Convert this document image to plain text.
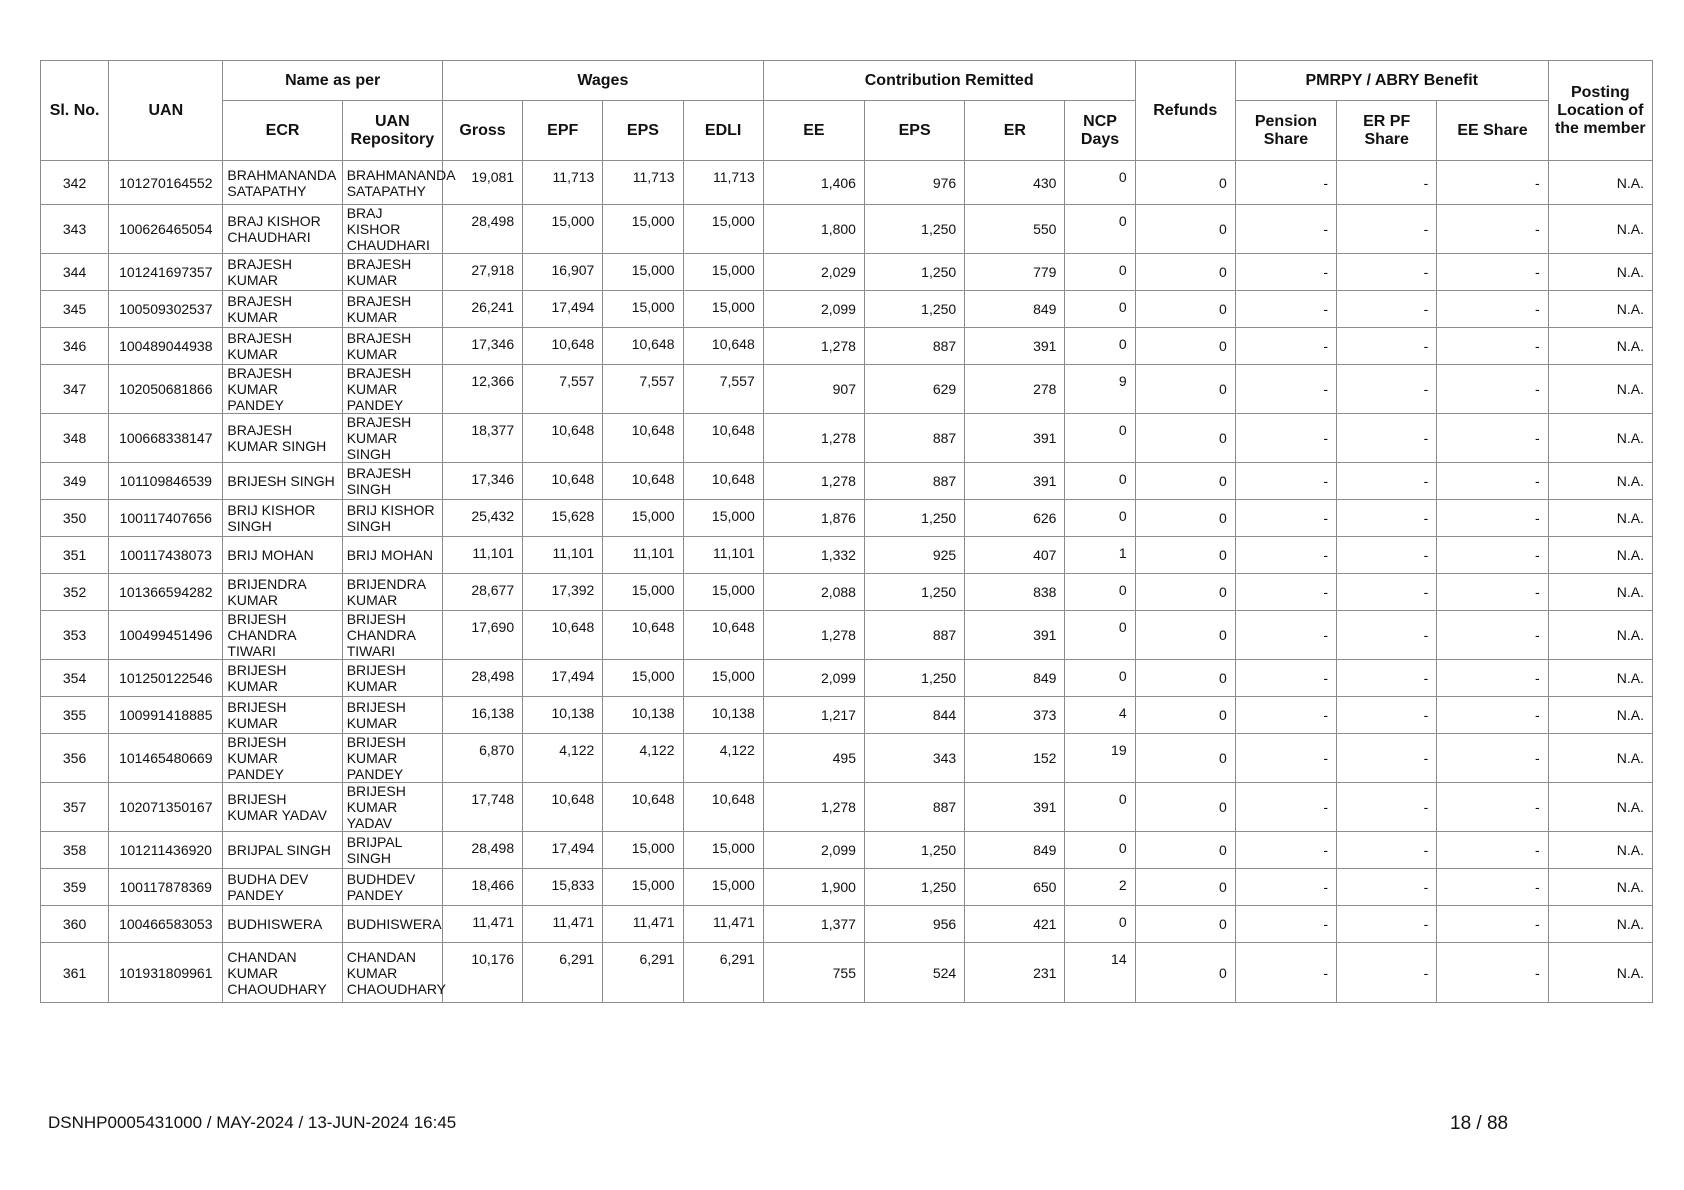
Sl. No.	UAN	Name as per		Wages				Contribution Remitted				Refunds	PMRPY / ABRY Benefit			Posting Location of the member
		ECR	UAN Repository	Gross	EPF	EPS	EDLI	EE	EPS	ER	NCP Days		Pension Share	ER PF Share	EE Share	
342	101270164552	BRAHMANANDA SATAPATHY	BRAHMANANDA SATAPATHY	19,081	11,713	11,713	11,713	1,406	976	430	0	0	-	-	-	N.A.
343	100626465054	BRAJ KISHOR CHAUDHARI	BRAJ KISHOR CHAUDHARI	28,498	15,000	15,000	15,000	1,800	1,250	550	0	0	-	-	-	N.A.
344	101241697357	BRAJESH KUMAR	BRAJESH KUMAR	27,918	16,907	15,000	15,000	2,029	1,250	779	0	0	-	-	-	N.A.
345	100509302537	BRAJESH KUMAR	BRAJESH KUMAR	26,241	17,494	15,000	15,000	2,099	1,250	849	0	0	-	-	-	N.A.
346	100489044938	BRAJESH KUMAR	BRAJESH KUMAR	17,346	10,648	10,648	10,648	1,278	887	391	0	0	-	-	-	N.A.
347	102050681866	BRAJESH KUMAR PANDEY	BRAJESH KUMAR PANDEY	12,366	7,557	7,557	7,557	907	629	278	9	0	-	-	-	N.A.
348	100668338147	BRAJESH KUMAR SINGH	BRAJESH KUMAR SINGH	18,377	10,648	10,648	10,648	1,278	887	391	0	0	-	-	-	N.A.
349	101109846539	BRIJESH SINGH	BRAJESH SINGH	17,346	10,648	10,648	10,648	1,278	887	391	0	0	-	-	-	N.A.
350	100117407656	BRIJ KISHOR SINGH	BRIJ KISHOR SINGH	25,432	15,628	15,000	15,000	1,876	1,250	626	0	0	-	-	-	N.A.
351	100117438073	BRIJ MOHAN	BRIJ MOHAN	11,101	11,101	11,101	11,101	1,332	925	407	1	0	-	-	-	N.A.
352	101366594282	BRIJENDRA KUMAR	BRIJENDRA KUMAR	28,677	17,392	15,000	15,000	2,088	1,250	838	0	0	-	-	-	N.A.
353	100499451496	BRIJESH CHANDRA TIWARI	BRIJESH CHANDRA TIWARI	17,690	10,648	10,648	10,648	1,278	887	391	0	0	-	-	-	N.A.
354	101250122546	BRIJESH KUMAR	BRIJESH KUMAR	28,498	17,494	15,000	15,000	2,099	1,250	849	0	0	-	-	-	N.A.
355	100991418885	BRIJESH KUMAR	BRIJESH KUMAR	16,138	10,138	10,138	10,138	1,217	844	373	4	0	-	-	-	N.A.
356	101465480669	BRIJESH KUMAR PANDEY	BRIJESH KUMAR PANDEY	6,870	4,122	4,122	4,122	495	343	152	19	0	-	-	-	N.A.
357	102071350167	BRIJESH KUMAR YADAV	BRIJESH KUMAR YADAV	17,748	10,648	10,648	10,648	1,278	887	391	0	0	-	-	-	N.A.
358	101211436920	BRIJPAL SINGH	BRIJPAL SINGH	28,498	17,494	15,000	15,000	2,099	1,250	849	0	0	-	-	-	N.A.
359	100117878369	BUDHA DEV PANDEY	BUDHDEV PANDEY	18,466	15,833	15,000	15,000	1,900	1,250	650	2	0	-	-	-	N.A.
360	100466583053	BUDHISWERA	BUDHISWERA	11,471	11,471	11,471	11,471	1,377	956	421	0	0	-	-	-	N.A.
361	101931809961	CHANDAN KUMAR CHAOUDHARY	CHANDAN KUMAR CHAOUDHARY	10,176	6,291	6,291	6,291	755	524	231	14	0	-	-	-	N.A.
DSNHP0005431000 / MAY-2024 / 13-JUN-2024 16:45	18 / 88
